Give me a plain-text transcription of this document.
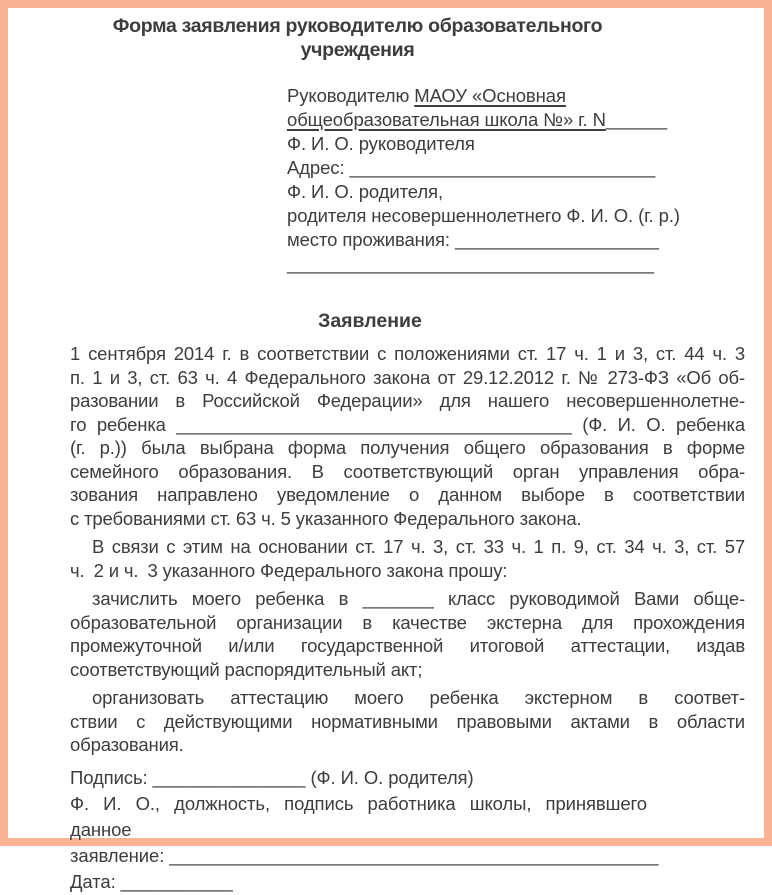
Форма заявления руководителю образовательного учреждения
Руководителю МАОУ «Основная
общеобразовательная школа №» г. N______
Ф. И. О. руководителя
Адрес: ______________________________
Ф. И. О. родителя,
родителя несовершеннолетнего Ф. И. О. (г. р.)
место проживания: ____________________
____________________________________
Заявление
1 сентября 2014 г. в соответствии с положениями ст. 17 ч. 1 и 3, ст. 44 ч. 3
п. 1 и 3, ст. 63 ч. 4 Федерального закона от 29.12.2012 г. № 273-ФЗ «Об об-
разовании в Российской Федерации» для нашего несовершеннолетне-
го ребенка _______________________________________ (Ф. И. О. ребенка
(г. р.)) была выбрана форма получения общего образования в форме
семейного образования. В соответствующий орган управления обра-
зования направлено уведомление о данном выборе в соответствии
с требованиями ст. 63 ч. 5 указанного Федерального закона.
В связи с этим на основании ст. 17 ч. 3, ст. 33 ч. 1 п. 9, ст. 34 ч. 3, ст. 57
ч. 2 и ч. 3 указанного Федерального закона прошу:
зачислить моего ребенка в _______ класс руководимой Вами обще-
образовательной организации в качестве экстерна для прохождения
промежуточной и/или государственной итоговой аттестации, издав
соответствующий распорядительный акт;
организовать аттестацию моего ребенка экстерном в соответ-
ствии с действующими нормативными правовыми актами в области
образования.
Подпись: _______________ (Ф. И. О. родителя)
Ф. И. О., должность, подпись работника школы, принявшего данное
заявление: ________________________________________________
Дата: ___________
